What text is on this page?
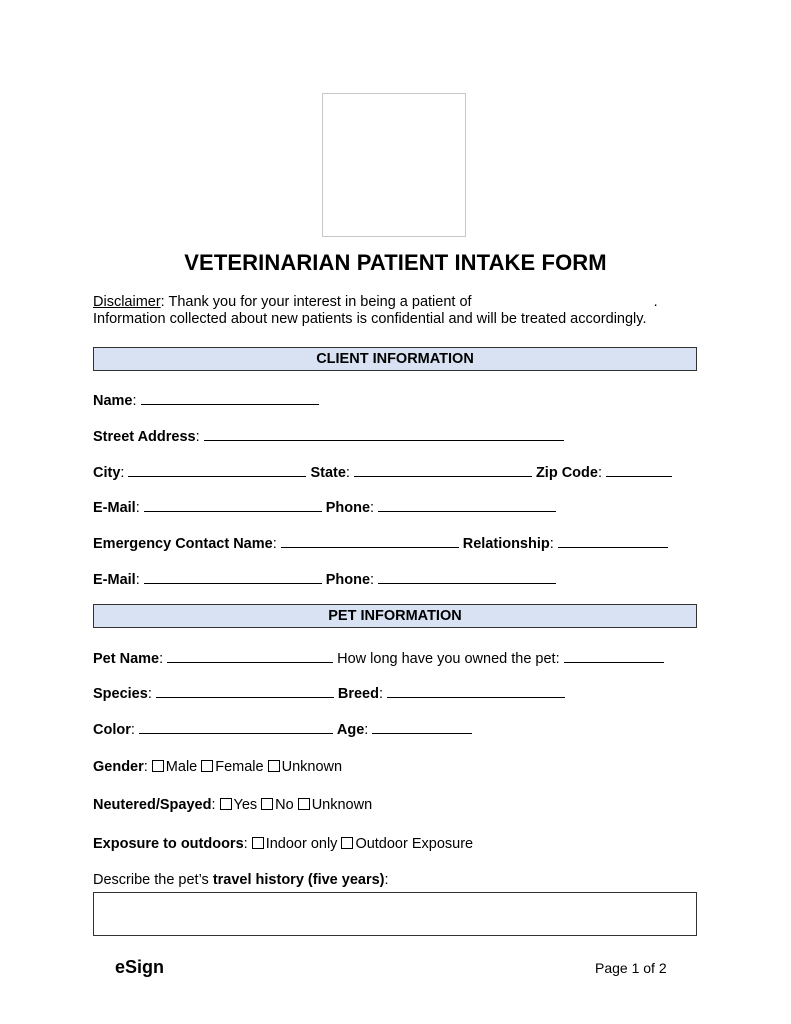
VETERINARIAN PATIENT INTAKE FORM
Disclaimer: Thank you for your interest in being a patient of	.
Information collected about new patients is confidential and will be treated accordingly.
CLIENT INFORMATION
Name:
Street Address:
City:	State:	Zip Code:
E-Mail:	Phone:
Emergency Contact Name:	Relationship:
E-Mail:	Phone:
PET INFORMATION
Pet Name:	How long have you owned the pet:
Species:	Breed:
Color:	Age:
Gender: Male Female Unknown
Neutered/Spayed: Yes No Unknown
Exposure to outdoors: Indoor only Outdoor Exposure
Describe the pet’s travel history (five years):
eSign	Page 1 of 2
